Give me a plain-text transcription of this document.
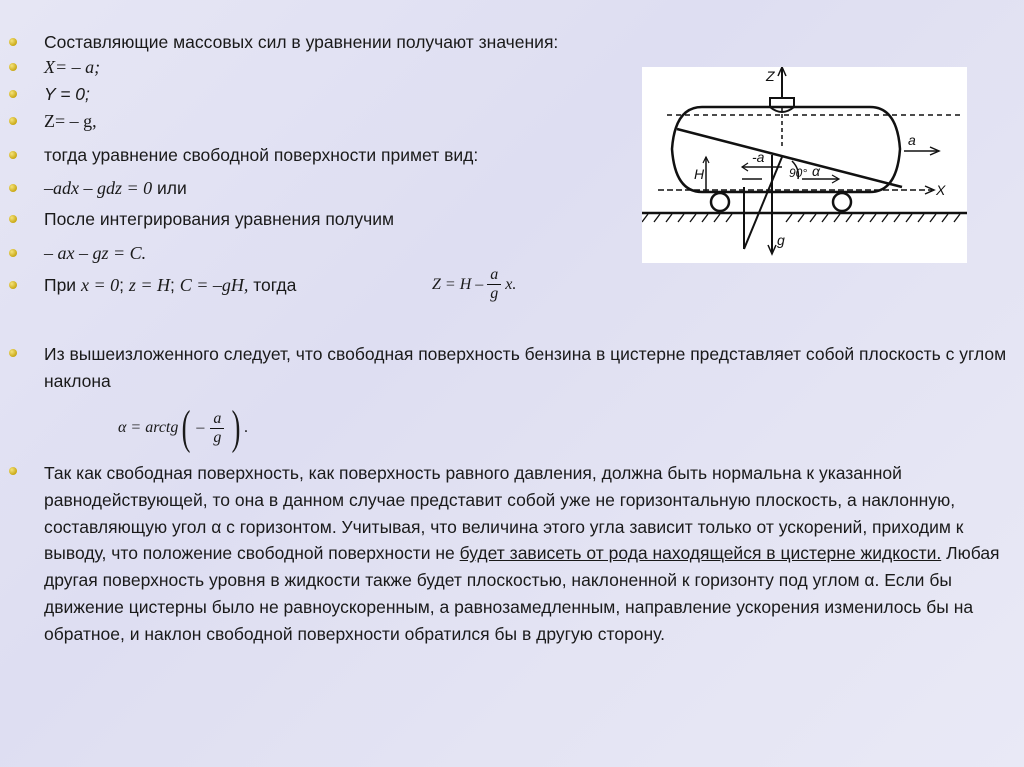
Составляющие массовых сил в уравнении получают значения:
X= – a;
Y = 0;
Z= – g,
тогда уравнение свободной поверхности примет вид:
–adx – gdz = 0 или
После интегрирования уравнения получим
– ax – gz = C.
При x = 0; z = H; C = –gH, тогда	$Z = H - \frac{a}{g} x$.
Из вышеизложенного следует, что свободная поверхность бензина в цистерне представляет собой плоскость с углом наклона
α = arctg ( – $\frac{a}{g}$ ) .
Так как свободная поверхность, как поверхность равного давления, должна быть нормальна к указанной равнодействующей, то она в данном случае представит собой уже не горизонтальную плоскость, а наклонную, составляющую угол α с горизонтом. Учитывая, что величина этого угла зависит только от ускорений, приходим к выводу, что положение свободной поверхности не будет зависеть от рода находящейся в цистерне жидкости. Любая другая поверхность уровня в жидкости также будет плоскостью, наклоненной к горизонту под углом α. Если бы движение цистерны было не равноускоренным, а равнозамедленным, направление ускорения изменилось бы на обратное, и наклон свободной поверхности обратился бы в другую сторону.
Z
a
H
-a
90° α
X
g
